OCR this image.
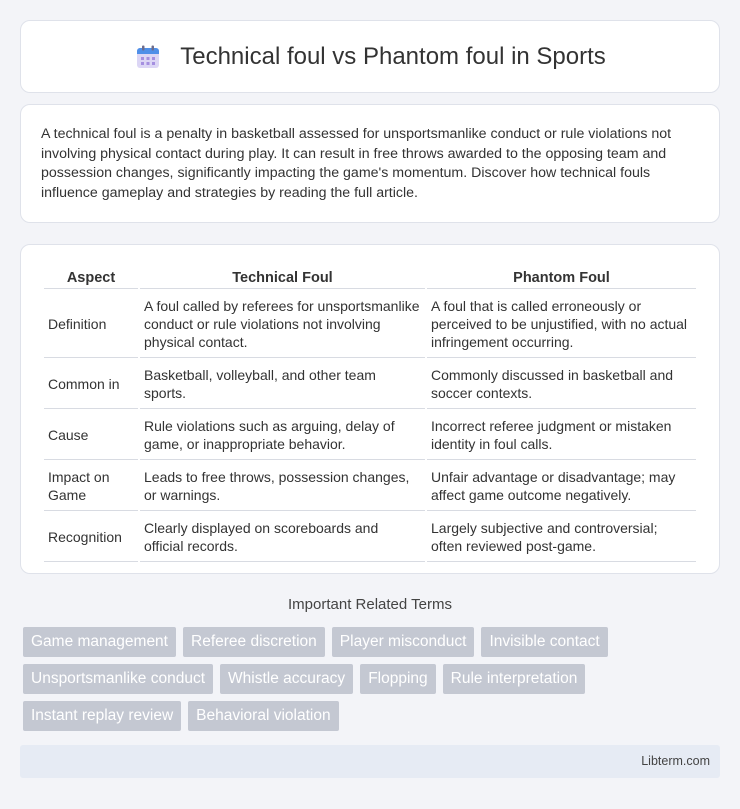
Technical foul vs Phantom foul in Sports

A technical foul is a penalty in basketball assessed for unsportsmanlike conduct or rule violations not involving physical contact during play. It can result in free throws awarded to the opposing team and possession changes, significantly impacting the game's momentum. Discover how technical fouls influence gameplay and strategies by reading the full article.

Aspect	Technical Foul	Phantom Foul
Definition	A foul called by referees for unsportsmanlike conduct or rule violations not involving physical contact.	A foul that is called erroneously or perceived to be unjustified, with no actual infringement occurring.
Common in	Basketball, volleyball, and other team sports.	Commonly discussed in basketball and soccer contexts.
Cause	Rule violations such as arguing, delay of game, or inappropriate behavior.	Incorrect referee judgment or mistaken identity in foul calls.
Impact on Game	Leads to free throws, possession changes, or warnings.	Unfair advantage or disadvantage; may affect game outcome negatively.
Recognition	Clearly displayed on scoreboards and official records.	Largely subjective and controversial; often reviewed post-game.
Important Related Terms
Game management	Referee discretion	Player misconduct	Invisible contact
Unsportsmanlike conduct	Whistle accuracy	Flopping	Rule interpretation
Instant replay review	Behavioral violation
Libterm.com
